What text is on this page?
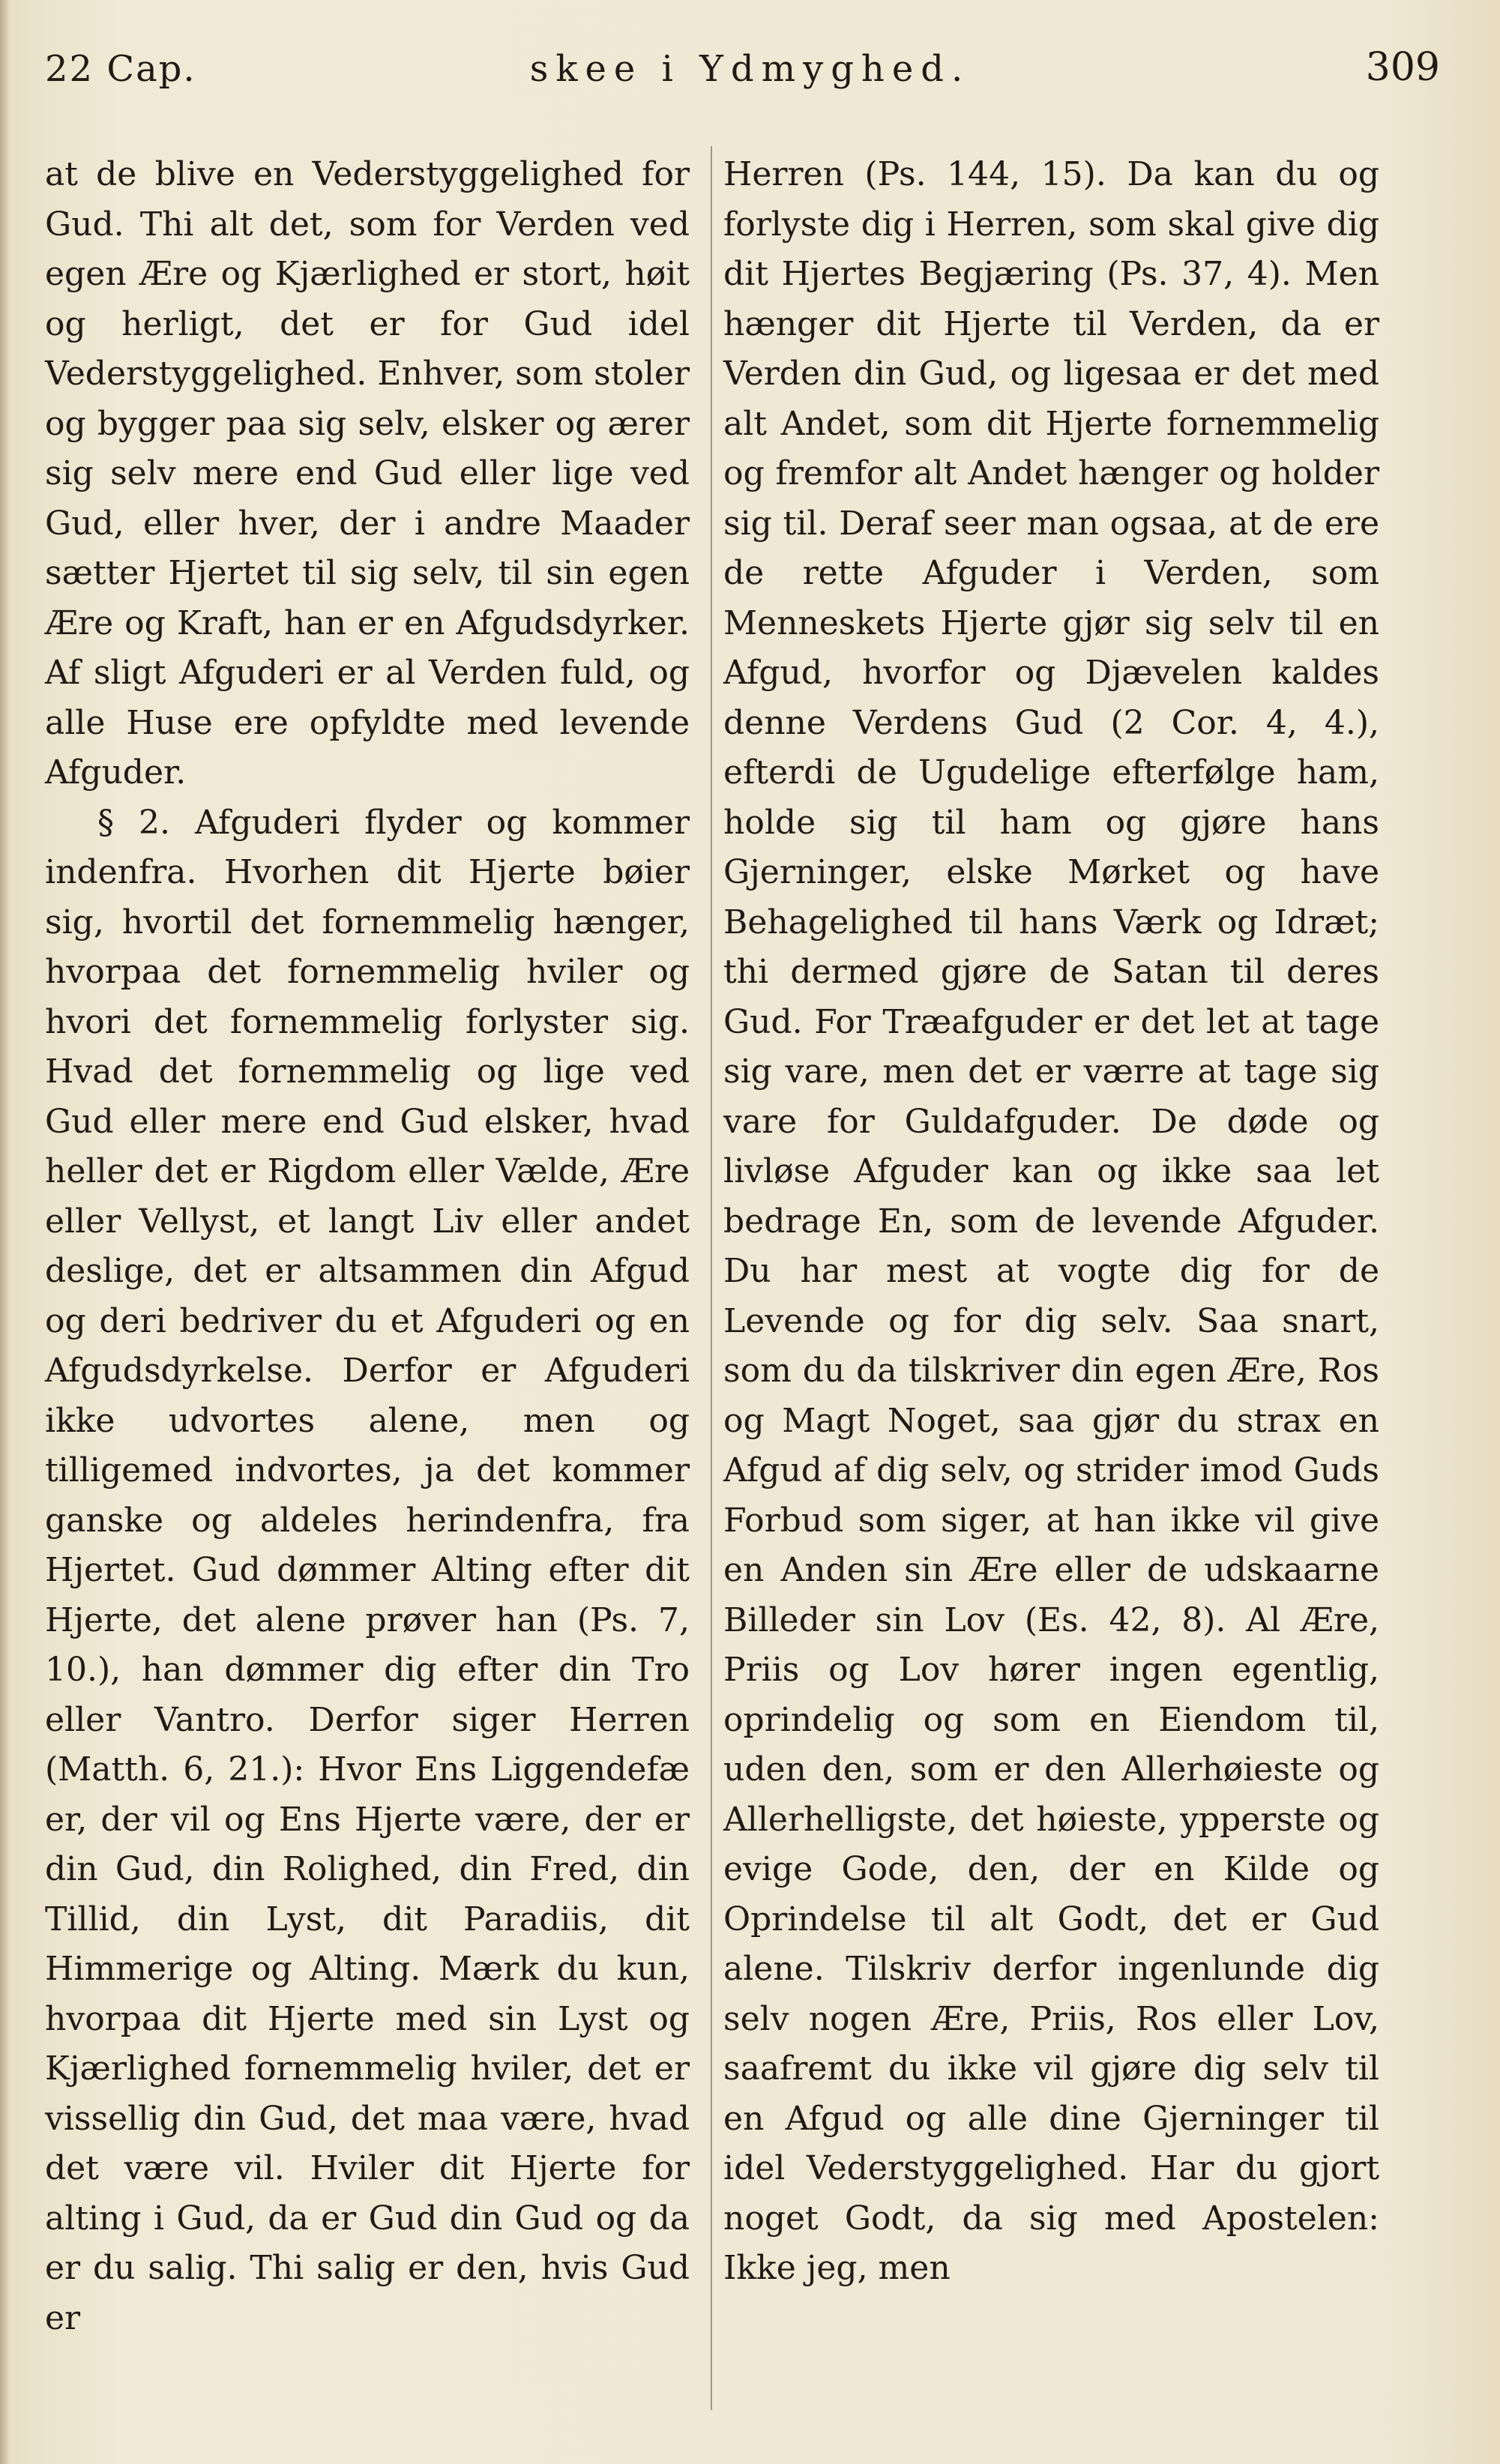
22 Cap.	skee i Ydmyghed.	309

at de blive en Vederstyggelighed for Gud. Thi alt det, som for Verden ved egen Ære og Kjærlighed er stort, høit og herligt, det er for Gud idel Vederstyggelighed. Enhver, som stoler og bygger paa sig selv, elsker og ærer sig selv mere end Gud eller lige ved Gud, eller hver, der i andre Maader sætter Hjertet til sig selv, til sin egen Ære og Kraft, han er en Afgudsdyrker. Af sligt Afguderi er al Verden fuld, og alle Huse ere opfyldte med levende Afguder.

§ 2. Afguderi flyder og kommer indenfra. Hvorhen dit Hjerte bøier sig, hvortil det fornemmelig hænger, hvorpaa det fornemmelig hviler og hvori det fornemmelig forlyster sig. Hvad det fornemmelig og lige ved Gud eller mere end Gud elsker, hvad heller det er Rigdom eller Vælde, Ære eller Vellyst, et langt Liv eller andet deslige, det er altsammen din Afgud og deri bedriver du et Afguderi og en Afgudsdyrkelse. Derfor er Afguderi ikke udvortes alene, men og tilligemed indvortes, ja det kommer ganske og aldeles herindenfra, fra Hjertet. Gud dømmer Alting efter dit Hjerte, det alene prøver han (Ps. 7, 10.), han dømmer dig efter din Tro eller Vantro. Derfor siger Herren (Matth. 6, 21.): Hvor Ens Liggendefæ er, der vil og Ens Hjerte være, der er din Gud, din Rolighed, din Fred, din Tillid, din Lyst, dit Paradiis, dit Himmerige og Alting. Mærk du kun, hvorpaa dit Hjerte med sin Lyst og Kjærlighed fornemmelig hviler, det er vissellig din Gud, det maa være, hvad det være vil. Hviler dit Hjerte for alting i Gud, da er Gud din Gud og da er du salig. Thi salig er den, hvis Gud er

Herren (Ps. 144, 15). Da kan du og forlyste dig i Herren, som skal give dig dit Hjertes Begjæring (Ps. 37, 4). Men hænger dit Hjerte til Verden, da er Verden din Gud, og ligesaa er det med alt Andet, som dit Hjerte fornemmelig og fremfor alt Andet hænger og holder sig til. Deraf seer man ogsaa, at de ere de rette Afguder i Verden, som Menneskets Hjerte gjør sig selv til en Afgud, hvorfor og Djævelen kaldes denne Verdens Gud (2 Cor. 4, 4.), efterdi de Ugudelige efterfølge ham, holde sig til ham og gjøre hans Gjerninger, elske Mørket og have Behagelighed til hans Værk og Idræt; thi dermed gjøre de Satan til deres Gud. For Træafguder er det let at tage sig vare, men det er værre at tage sig vare for Guldafguder. De døde og livløse Afguder kan og ikke saa let bedrage En, som de levende Afguder. Du har mest at vogte dig for de Levende og for dig selv. Saa snart, som du da tilskriver din egen Ære, Ros og Magt Noget, saa gjør du strax en Afgud af dig selv, og strider imod Guds Forbud som siger, at han ikke vil give en Anden sin Ære eller de udskaarne Billeder sin Lov (Es. 42, 8). Al Ære, Priis og Lov hører ingen egentlig, oprindelig og som en Eiendom til, uden den, som er den Allerhøieste og Allerhelligste, det høieste, ypperste og evige Gode, den, der en Kilde og Oprindelse til alt Godt, det er Gud alene. Tilskriv derfor ingenlunde dig selv nogen Ære, Priis, Ros eller Lov, saafremt du ikke vil gjøre dig selv til en Afgud og alle dine Gjerninger til idel Vederstyggelighed. Har du gjort noget Godt, da sig med Apostelen: Ikke jeg, men
